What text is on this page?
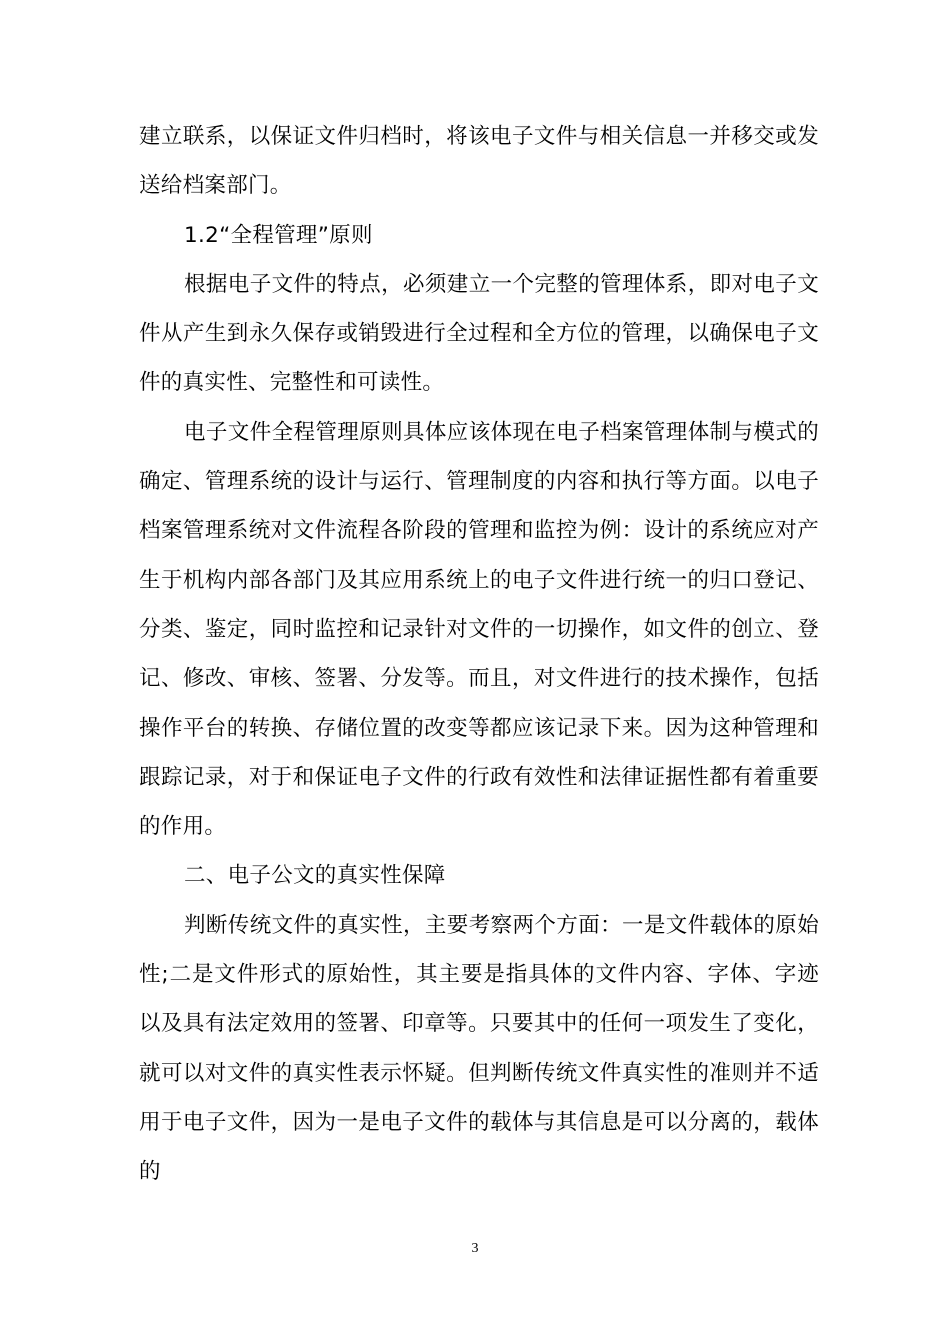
建立联系，以保证文件归档时，将该电子文件与相关信息一并移交或发送给档案部门。

1.2“全程管理”原则

根据电子文件的特点，必须建立一个完整的管理体系，即对电子文件从产生到永久保存或销毁进行全过程和全方位的管理，以确保电子文件的真实性、完整性和可读性。

电子文件全程管理原则具体应该体现在电子档案管理体制与模式的确定、管理系统的设计与运行、管理制度的内容和执行等方面。以电子档案管理系统对文件流程各阶段的管理和监控为例：设计的系统应对产生于机构内部各部门及其应用系统上的电子文件进行统一的归口登记、分类、鉴定，同时监控和记录针对文件的一切操作，如文件的创立、登记、修改、审核、签署、分发等。而且，对文件进行的技术操作，包括操作平台的转换、存储位置的改变等都应该记录下来。因为这种管理和跟踪记录，对于和保证电子文件的行政有效性和法律证据性都有着重要的作用。

二、电子公文的真实性保障

判断传统文件的真实性，主要考察两个方面：一是文件载体的原始性;二是文件形式的原始性，其主要是指具体的文件内容、字体、字迹以及具有法定效用的签署、印章等。只要其中的任何一项发生了变化，就可以对文件的真实性表示怀疑。但判断传统文件真实性的准则并不适用于电子文件，因为一是电子文件的载体与其信息是可以分离的，载体的

3
